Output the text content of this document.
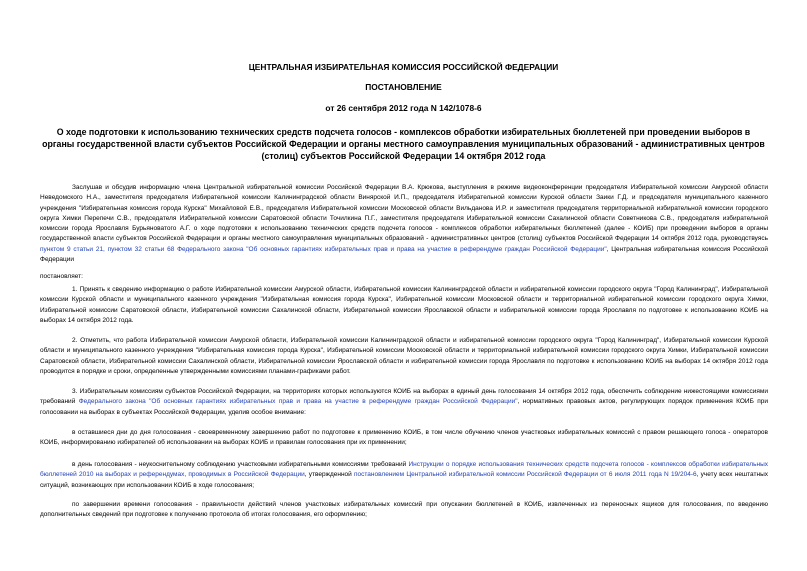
ЦЕНТРАЛЬНАЯ ИЗБИРАТЕЛЬНАЯ КОМИССИЯ РОССИЙСКОЙ ФЕДЕРАЦИИ
ПОСТАНОВЛЕНИЕ
от 26 сентября 2012 года N 142/1078-6
О ходе подготовки к использованию технических средств подсчета голосов - комплексов обработки избирательных бюллетеней при проведении выборов в органы государственной власти субъектов Российской Федерации и органы местного самоуправления муниципальных образований - административных центров (столиц) субъектов Российской Федерации 14 октября 2012 года
Заслушав и обсудив информацию члена Центральной избирательной комиссии Российской Федерации В.А. Крюкова, выступления в режиме видеоконференции председателя Избирательной комиссии Амурской области Неведомского Н.А., заместителя председателя Избирательной комиссии Калининградской области Винярской И.П., председателя Избирательной комиссии Курской области Заики Г.Д. и председателя муниципального казенного учреждения "Избирательная комиссия города Курска" Михайловой Е.В., председателя Избирательной комиссии Московской области Вильданова И.Р. и заместителя председателя территориальной избирательной комиссии городского округа Химки Перепечи С.В., председателя Избирательной комиссии Саратовской области Точилкина П.Г., заместителя председателя Избирательной комиссии Сахалинской области Советникова С.В., председателя избирательной комиссии города Ярославля Бурьяноватого А.Г. о ходе подготовки к использованию технических средств подсчета голосов - комплексов обработки избирательных бюллетеней (далее - КОИБ) при проведении выборов в органы государственной власти субъектов Российской Федерации и органы местного самоуправления муниципальных образований - административных центров (столиц) субъектов Российской Федерации 14 октября 2012 года, руководствуясь пунктом 9 статьи 21, пунктом 32 статьи 68 Федерального закона "Об основных гарантиях избирательных прав и права на участие в референдуме граждан Российской Федерации", Центральная избирательная комиссия Российской Федерации
постановляет:
1. Принять к сведению информацию о работе Избирательной комиссии Амурской области, Избирательной комиссии Калининградской области и избирательной комиссии городского округа "Город Калининград", Избирательной комиссии Курской области и муниципального казенного учреждения "Избирательная комиссия города Курска", Избирательной комиссии Московской области и территориальной избирательной комиссии городского округа Химки, Избирательной комиссии Саратовской области, Избирательной комиссии Сахалинской области, Избирательной комиссии Ярославской области и избирательной комиссии города Ярославля по подготовке к использованию КОИБ на выборах 14 октября 2012 года.
2. Отметить, что работа Избирательной комиссии Амурской области, Избирательной комиссии Калининградской области и избирательной комиссии городского округа "Город Калининград", Избирательной комиссии Курской области и муниципального казенного учреждения "Избирательная комиссия города Курска", Избирательной комиссии Московской области и территориальной избирательной комиссии городского округа Химки, Избирательной комиссии Саратовской области, Избирательной комиссии Сахалинской области, Избирательной комиссии Ярославской области и избирательной комиссии города Ярославля по подготовке к использованию КОИБ на выборах 14 октября 2012 года проводится в порядке и сроки, определенные утвержденными комиссиями планами-графиками работ.
3. Избирательным комиссиям субъектов Российской Федерации, на территориях которых используются КОИБ на выборах в единый день голосования 14 октября 2012 года, обеспечить соблюдение нижестоящими комиссиями требований Федерального закона "Об основных гарантиях избирательных прав и права на участие в референдуме граждан Российской Федерации", нормативных правовых актов, регулирующих порядок применения КОИБ при голосовании на выборах в субъектах Российской Федерации, уделив особое внимание:
в оставшиеся дни до дня голосования - своевременному завершению работ по подготовке к применению КОИБ, в том числе обучению членов участковых избирательных комиссий с правом решающего голоса - операторов КОИБ, информированию избирателей об использовании на выборах КОИБ и правилам голосования при их применении;
в день голосования - неукоснительному соблюдению участковыми избирательными комиссиями требований Инструкции о порядке использования технических средств подсчета голосов - комплексов обработки избирательных бюллетеней 2010 на выборах и референдумах, проводимых в Российской Федерации, утвержденной постановлением Центральной избирательной комиссии Российской Федерации от 6 июля 2011 года N 19/204-6, учету всех нештатных ситуаций, возникающих при использовании КОИБ в ходе голосования;
по завершении времени голосования - правильности действий членов участковых избирательных комиссий при опускании бюллетеней в КОИБ, извлеченных из переносных ящиков для голосования, по введению дополнительных сведений при подготовке к получению протокола об итогах голосования, его оформлению;
